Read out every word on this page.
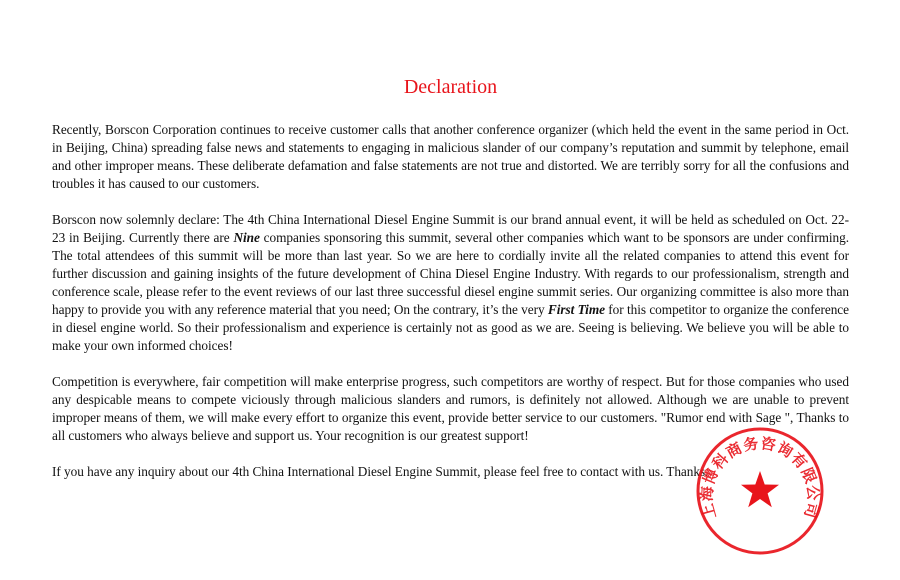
Declaration

Recently, Borscon Corporation continues to receive customer calls that another conference organizer (which held the event in the same period in Oct. in Beijing, China) spreading false news and statements to engaging in malicious slander of our company’s reputation and summit by telephone, email and other improper means. These deliberate defamation and false statements are not true and distorted. We are terribly sorry for all the confusions and troubles it has caused to our customers.

Borscon now solemnly declare: The 4th China International Diesel Engine Summit is our brand annual event, it will be held as scheduled on Oct. 22-23 in Beijing. Currently there are Nine companies sponsoring this summit, several other companies which want to be sponsors are under confirming. The total attendees of this summit will be more than last year. So we are here to cordially invite all the related companies to attend this event for further discussion and gaining insights of the future development of China Diesel Engine Industry. With regards to our professionalism, strength and conference scale, please refer to the event reviews of our last three successful diesel engine summit series. Our organizing committee is also more than happy to provide you with any reference material that you need; On the contrary, it’s the very First Time for this competitor to organize the conference in diesel engine world. So their professionalism and experience is certainly not as good as we are. Seeing is believing. We believe you will be able to make your own informed choices!

Competition is everywhere, fair competition will make enterprise progress, such competitors are worthy of respect. But for those companies who used any despicable means to compete viciously through malicious slanders and rumors, is definitely not allowed. Although we are unable to prevent improper means of them, we will make every effort to organize this event, provide better service to our customers. "Rumor end with Sage ", Thanks to all customers who always believe and support us. Your recognition is our greatest support!

If you have any inquiry about our 4th China International Diesel Engine Summit, please feel free to contact with us. Thanks.

上海博科商务咨询有限公司
